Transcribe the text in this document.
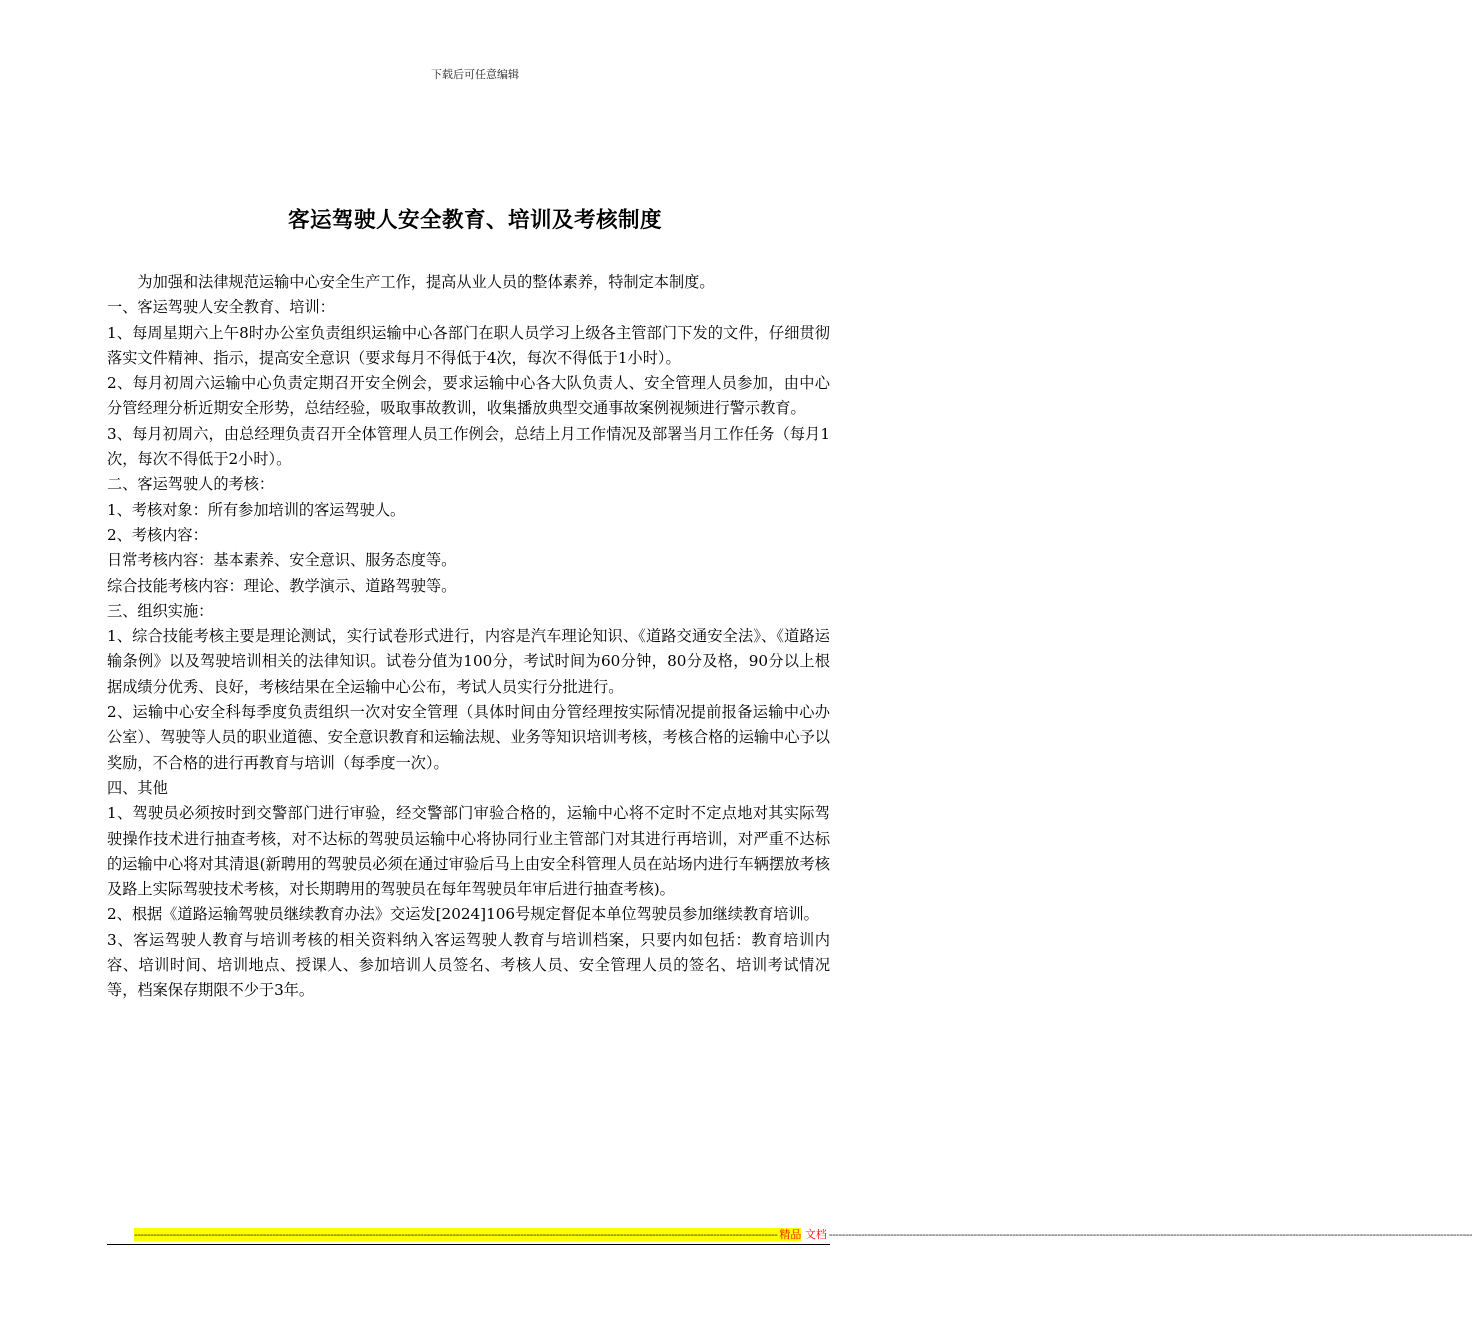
下载后可任意编辑
客运驾驶人安全教育、培训及考核制度

为加强和法律规范运输中心安全生产工作，提高从业人员的整体素养，特制定本制度。

一、客运驾驶人安全教育、培训：

1、每周星期六上午8时办公室负责组织运输中心各部门在职人员学习上级各主管部门下发的文件，仔细贯彻落实文件精神、指示，提高安全意识（要求每月不得低于4次，每次不得低于1小时）。

2、每月初周六运输中心负责定期召开安全例会，要求运输中心各大队负责人、安全管理人员参加，由中心分管经理分析近期安全形势，总结经验，吸取事故教训，收集播放典型交通事故案例视频进行警示教育。

3、每月初周六，由总经理负责召开全体管理人员工作例会，总结上月工作情况及部署当月工作任务（每月1次，每次不得低于2小时）。

二、客运驾驶人的考核：

1、考核对象：所有参加培训的客运驾驶人。

2、考核内容：

日常考核内容：基本素养、安全意识、服务态度等。

综合技能考核内容：理论、教学演示、道路驾驶等。

三、组织实施：

1、综合技能考核主要是理论测试，实行试卷形式进行，内容是汽车理论知识、《道路交通安全法》、《道路运输条例》以及驾驶培训相关的法律知识。试卷分值为100分，考试时间为60分钟，80分及格，90分以上根据成绩分优秀、良好，考核结果在全运输中心公布，考试人员实行分批进行。

2、运输中心安全科每季度负责组织一次对安全管理（具体时间由分管经理按实际情况提前报备运输中心办公室）、驾驶等人员的职业道德、安全意识教育和运输法规、业务等知识培训考核，考核合格的运输中心予以奖励，不合格的进行再教育与培训（每季度一次）。

四、其他

1、驾驶员必须按时到交警部门进行审验，经交警部门审验合格的，运输中心将不定时不定点地对其实际驾驶操作技术进行抽查考核，对不达标的驾驶员运输中心将协同行业主管部门对其进行再培训，对严重不达标的运输中心将对其清退(新聘用的驾驶员必须在通过审验后马上由安全科管理人员在站场内进行车辆摆放考核及路上实际驾驶技术考核，对长期聘用的驾驶员在每年驾驶员年审后进行抽查考核)。

2、根据《道路运输驾驶员继续教育办法》交运发[2024]106号规定督促本单位驾驶员参加继续教育培训。

3、客运驾驶人教育与培训考核的相关资料纳入客运驾驶人教育与培训档案，只要内如包括：教育培训内容、培训时间、培训地点、授课人、参加培训人员签名、考核人员、安全管理人员的签名、培训考试情况等，档案保存期限不少于3年。

-------------------------------------------------------------------------------------------------------------------------------------------------------------------------------------------------------- 精品 文档 --------------------------------------------------------------------------------------------------------------------------------------------------------------------------------------------------------
